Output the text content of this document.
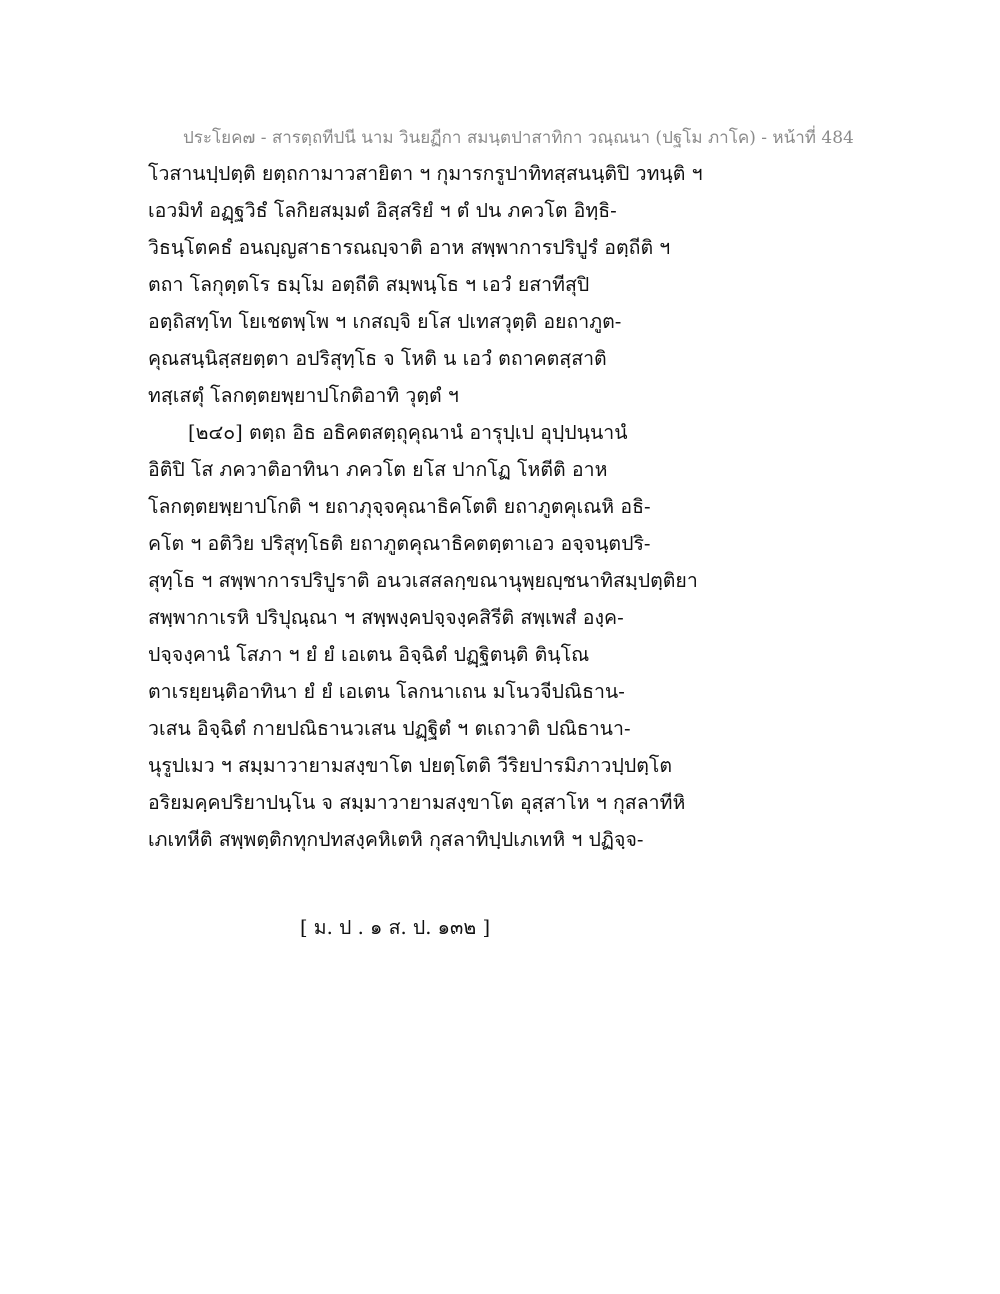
ประโยค๗ - สารตฺถทีปนี นาม วินยฏีกา สมนฺตปาสาทิกา วณฺณนา (ปฐโม ภาโค) - หน้าที่ 484
โวสานปฺปตฺติ ยตฺถกามาวสายิตา ฯ กุมารกรูปาทิทสฺสนนฺติปิ วทนฺติ ฯ
เอวมิทํ อฏฺฐวิธํ โลกิยสมฺมตํ อิสฺสริยํ ฯ ตํ ปน ภควโต อิทฺธิ-
วิธนฺโตคธํ อนญฺญสาธารณญฺจาติ อาห สพฺพาการปริปูรํ อตฺถีติ ฯ
ตถา โลกุตฺตโร ธมฺโม อตฺถีติ สมฺพนฺโธ ฯ เอวํ ยสาทีสุปิ
อตฺถิสทฺโท โยเชตพฺโพ ฯ เกสญฺจิ ยโส ปเทสวุตฺติ อยถาภูต-
คุณสนฺนิสฺสยตฺตา อปริสุทฺโธ จ โหติ น เอวํ ตถาคตสฺสาติ
ทสฺเสตุํ โลกตฺตยพฺยาปโกติอาทิ วุตฺตํ ฯ
[๒๔๐] ตตฺถ อิธ อธิคตสตฺถุคุณานํ อารุปฺเป อุปฺปนฺนานํ
อิติปิ โส ภควาติอาทินา ภควโต ยโส ปากโฏ โหตีติ อาห
โลกตฺตยพฺยาปโกติ ฯ ยถาภุจฺจคุณาธิคโตติ ยถาภูตคุเณหิ อธิ-
คโต ฯ อติวิย ปริสุทฺโธติ ยถาภูตคุณาธิคตตฺตาเอว อจฺจนฺตปริ-
สุทฺโธ ฯ สพฺพาการปริปูราติ อนวเสสลกฺขณานุพฺยญฺชนาทิสมฺปตฺติยา
สพฺพากาเรหิ ปริปุณฺณา ฯ สพฺพงฺคปจฺจงฺคสิรีติ สพฺเพสํ องฺค-
ปจฺจงฺคานํ โสภา ฯ ยํ ยํ เอเตน อิจฺฉิตํ ปฏฺฐิตนฺติ ตินฺโณ
ตาเรยฺยนฺติอาทินา ยํ ยํ เอเตน โลกนาเถน มโนวจีปณิธาน-
วเสน อิจฺฉิตํ กายปณิธานวเสน ปฏฺฐิตํ ฯ ตเถวาติ ปณิธานา-
นุรูปเมว ฯ สมฺมาวายามสงฺขาโต ปยตฺโตติ วีริยปารมิภาวปฺปตฺโต
อริยมคฺคปริยาปนฺโน จ สมฺมาวายามสงฺขาโต อุสฺสาโห ฯ กุสลาทีหิ
เภเทหีติ สพฺพตฺติกทุกปทสงฺคหิเตหิ กุสลาทิปฺปเภเทหิ ฯ ปฏิจฺจ-
[ ม. ป . ๑ ส. ป. ๑๓๒ ]
